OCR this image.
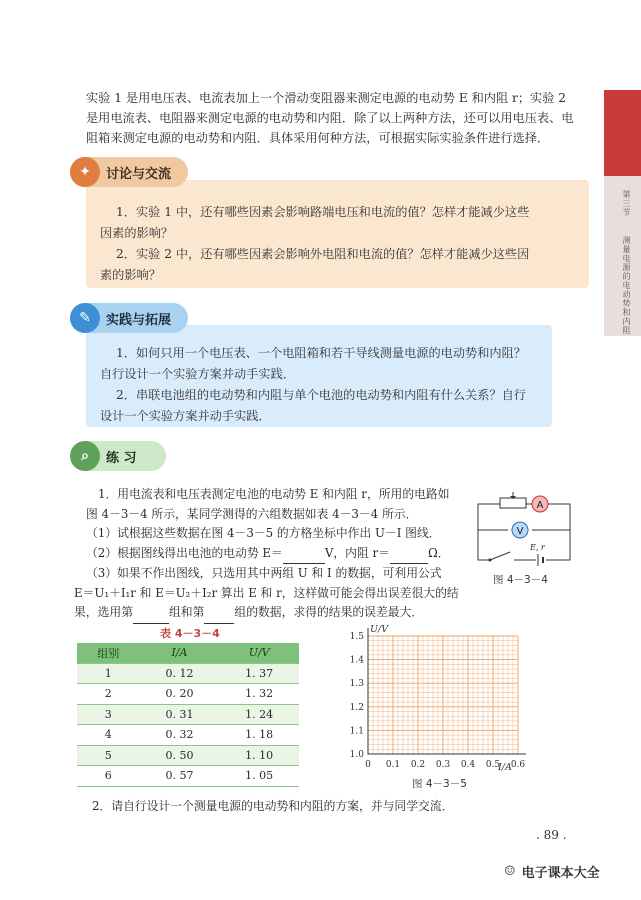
实验 1 是用电压表、电流表加上一个滑动变阻器来测定电源的电动势 E 和内阻 r；实验 2
是用电流表、电阻器来测定电源的电动势和内阻．除了以上两种方法，还可以用电压表、电
阻箱来测定电源的电动势和内阻．具体采用何种方法，可根据实际实验条件进行选择．
第三节
测量电源的电动势和内阻
1．实验 1 中，还有哪些因素会影响路端电压和电流的值？怎样才能减少这些
因素的影响？
2．实验 2 中，还有哪些因素会影响外电阻和电流的值？怎样才能减少这些因
素的影响？
✦	讨论与交流
1．如何只用一个电压表、一个电阻箱和若干导线测量电源的电动势和内阻？
自行设计一个实验方案并动手实践．
2．串联电池组的电动势和内阻与单个电池的电动势和内阻有什么关系？自行
设计一个实验方案并动手实践．
✎	实践与拓展
⌕	练 习
1．用电流表和电压表测定电池的电动势 E 和内阻 r，所用的电路如
图 4－3－4 所示，某同学测得的六组数据如表 4－3－4 所示．
（1）试根据这些数据在图 4－3－5 的方格坐标中作出 U－I 图线．
（2）根据图线得出电池的电动势 E＝	V，内阻 r＝	Ω．
（3）如果不作出图线，只选用其中两组 U 和 I 的数据，可利用公式
E＝U₁＋I₁r 和 E＝U₂＋I₂r 算出 E 和 r，这样做可能会得出误差很大的结
果，选用第	组和第	组的数据，求得的结果的误差最大．
A
V
E, r
图 4－3－4
表 4－3－4
组别	I/A	U/V
1	0. 12	1. 37
2	0. 20	1. 32
3	0. 31	1. 24
4	0. 32	1. 18
5	0. 50	1. 10
6	0. 57	1. 05
U/V
I/A
1.5
1.4
1.3
1.2
1.1
1.0
0 0.1 0.2 0.3 0.4 0.5 0.6
图 4－3－5
2．请自行设计一个测量电源的电动势和内阻的方案，并与同学交流．
. 89 .
☺ 电子课本大全
